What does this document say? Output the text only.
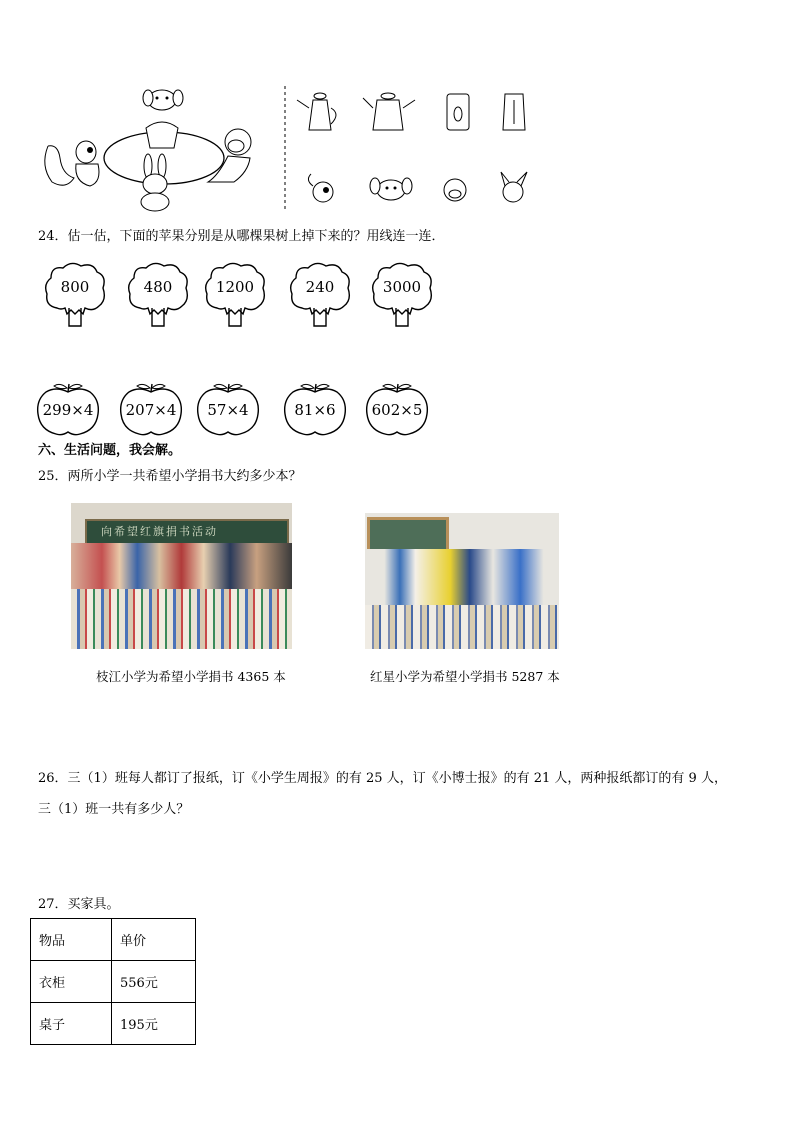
24．估一估，下面的苹果分别是从哪棵果树上掉下来的？用线连一连．
800	480	1200	240	3000
299×4	207×4	57×4	81×6	602×5
六、生活问题，我会解。
25．两所小学一共希望小学捐书大约多少本？
向希望红旗捐书活动
枝江小学为希望小学捐书 4365 本	红星小学为希望小学捐书 5287 本
26．三（1）班每人都订了报纸，订《小学生周报》的有 25 人，订《小博士报》的有 21 人，两种报纸都订的有 9 人，
三（1）班一共有多少人？
27．买家具。
物品	单价
衣柜	556元
桌子	195元
